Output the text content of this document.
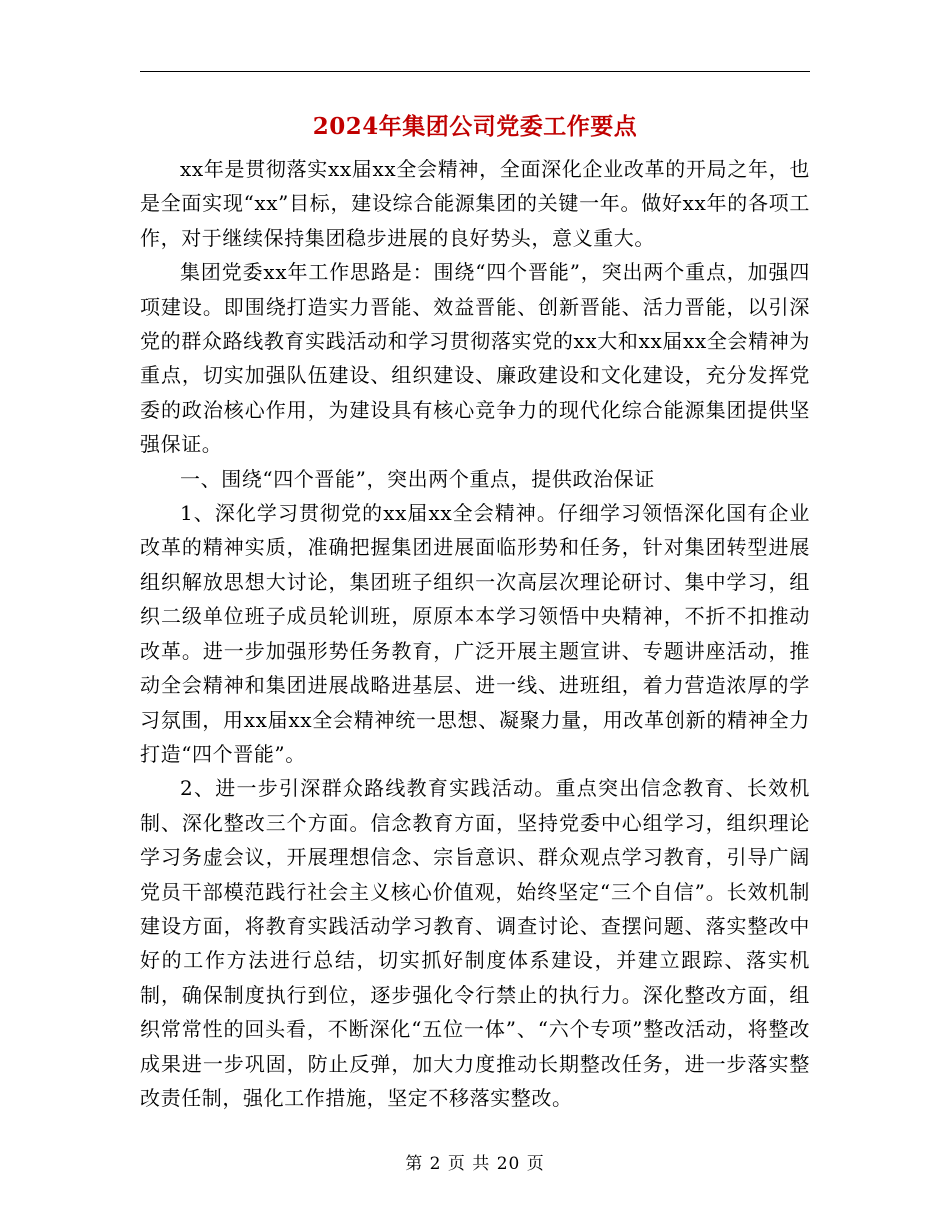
2024年集团公司党委工作要点

xx年是贯彻落实xx届xx全会精神，全面深化企业改革的开局之年，也是全面实现“xx”目标，建设综合能源集团的关键一年。做好xx年的各项工作，对于继续保持集团稳步进展的良好势头，意义重大。

集团党委xx年工作思路是：围绕“四个晋能”，突出两个重点，加强四项建设。即围绕打造实力晋能、效益晋能、创新晋能、活力晋能，以引深党的群众路线教育实践活动和学习贯彻落实党的xx大和xx届xx全会精神为重点，切实加强队伍建设、组织建设、廉政建设和文化建设，充分发挥党委的政治核心作用，为建设具有核心竞争力的现代化综合能源集团提供坚强保证。

一、围绕“四个晋能”，突出两个重点，提供政治保证

1、深化学习贯彻党的xx届xx全会精神。仔细学习领悟深化国有企业改革的精神实质，准确把握集团进展面临形势和任务，针对集团转型进展组织解放思想大讨论，集团班子组织一次高层次理论研讨、集中学习，组织二级单位班子成员轮训班，原原本本学习领悟中央精神，不折不扣推动改革。进一步加强形势任务教育，广泛开展主题宣讲、专题讲座活动，推动全会精神和集团进展战略进基层、进一线、进班组，着力营造浓厚的学习氛围，用xx届xx全会精神统一思想、凝聚力量，用改革创新的精神全力打造“四个晋能”。

2、进一步引深群众路线教育实践活动。重点突出信念教育、长效机制、深化整改三个方面。信念教育方面，坚持党委中心组学习，组织理论学习务虚会议，开展理想信念、宗旨意识、群众观点学习教育，引导广阔党员干部模范践行社会主义核心价值观，始终坚定“三个自信”。长效机制建设方面，将教育实践活动学习教育、调查讨论、查摆问题、落实整改中好的工作方法进行总结，切实抓好制度体系建设，并建立跟踪、落实机制，确保制度执行到位，逐步强化令行禁止的执行力。深化整改方面，组织常常性的回头看，不断深化“五位一体”、“六个专项”整改活动，将整改成果进一步巩固，防止反弹，加大力度推动长期整改任务，进一步落实整改责任制，强化工作措施，坚定不移落实整改。

第 2 页 共 20 页
